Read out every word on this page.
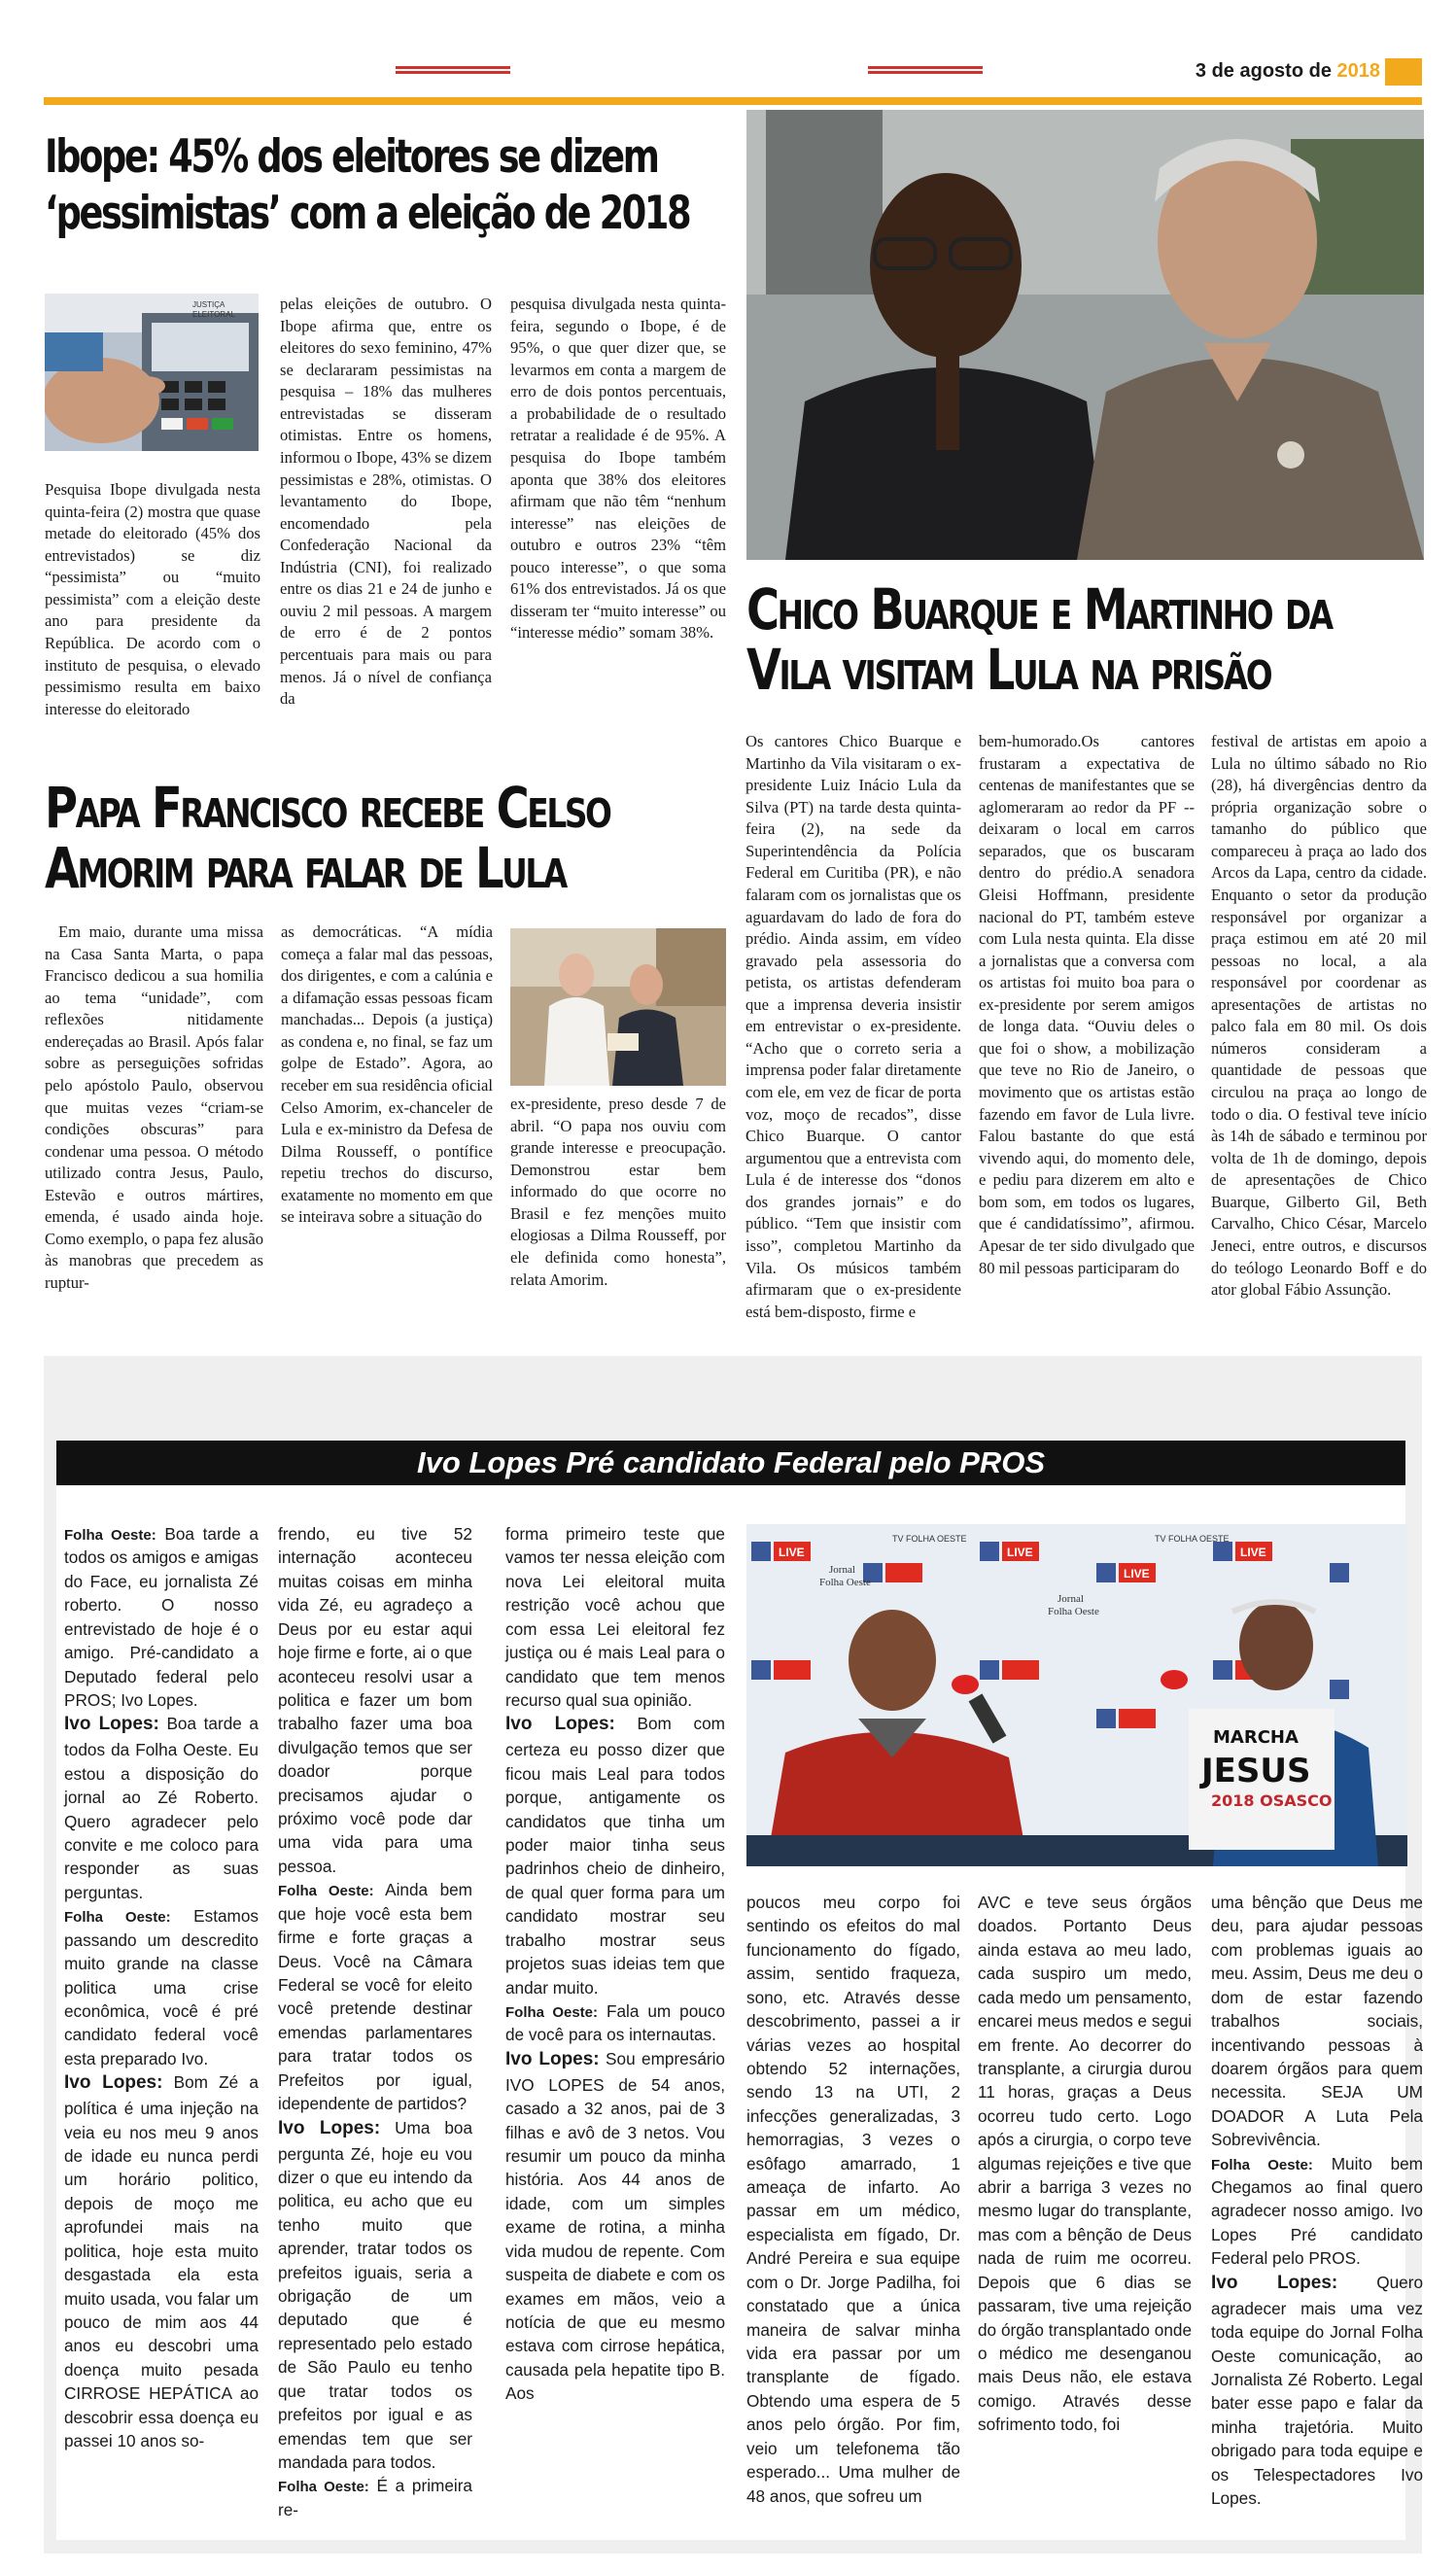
3 de agosto de 2018
Ibope: 45% dos eleitores se dizem
‘pessimistas’ com a eleição de 2018
JUSTIÇA
ELEITORAL

Pesquisa Ibope divulgada nesta quinta-feira (2) mostra que quase metade do eleitorado (45% dos entrevistados) se diz “pessimista” ou “muito pessimista” com a eleição deste ano para presidente da República. De acordo com o instituto de pesquisa, o elevado pessimismo resulta em baixo interesse do eleitorado

pelas eleições de outubro. O Ibope afirma que, entre os eleitores do sexo feminino, 47% se declararam pessimistas na pesquisa – 18% das mulheres entrevistadas se disseram otimistas. Entre os homens, informou o Ibope, 43% se dizem pessimistas e 28%, otimistas. O levantamento do Ibope, encomendado pela Confederação Nacional da Indústria (CNI), foi realizado entre os dias 21 e 24 de junho e ouviu 2 mil pessoas. A margem de erro é de 2 pontos percentuais para mais ou para menos. Já o nível de confiança da

pesquisa divulgada nesta quinta-feira, segundo o Ibope, é de 95%, o que quer dizer que, se levarmos em conta a margem de erro de dois pontos percentuais, a probabilidade de o resultado retratar a realidade é de 95%. A pesquisa do Ibope também aponta que 38% dos eleitores afirmam que não têm “nenhum interesse” nas eleições de outubro e outros 23% “têm pouco interesse”, o que soma 61% dos entrevistados. Já os que disseram ter “muito interesse” ou “interesse médio” somam 38%. Chico Buarque e Martinho da
Vila visitam Lula na prisão

Os cantores Chico Buarque e Martinho da Vila visitaram o ex-presidente Luiz Inácio Lula da Silva (PT) na tarde desta quinta-feira (2), na sede da Superintendência da Polícia Federal em Curitiba (PR), e não falaram com os jornalistas que os aguardavam do lado de fora do prédio. Ainda assim, em vídeo gravado pela assessoria do petista, os artistas defenderam que a imprensa deveria insistir em entrevistar o ex-presidente. “Acho que o correto seria a imprensa poder falar diretamente com ele, em vez de ficar de porta voz, moço de recados”, disse Chico Buarque. O cantor argumentou que a entrevista com Lula é de interesse dos “donos dos grandes jornais” e do público. “Tem que insistir com isso”, completou Martinho da Vila. Os músicos também afirmaram que o ex-presidente está bem-disposto, firme e

bem-humorado.Os cantores frustaram a expectativa de centenas de manifestantes que se aglomeraram ao redor da PF -- deixaram o local em carros separados, que os buscaram dentro do prédio.A senadora Gleisi Hoffmann, presidente nacional do PT, também esteve com Lula nesta quinta. Ela disse a jornalistas que a conversa com os artistas foi muito boa para o ex-presidente por serem amigos de longa data. “Ouviu deles o que foi o show, a mobilização que teve no Rio de Janeiro, o movimento que os artistas estão fazendo em favor de Lula livre. Falou bastante do que está vivendo aqui, do momento dele, e pediu para dizerem em alto e bom som, em todos os lugares, que é candidatíssimo”, afirmou. Apesar de ter sido divulgado que 80 mil pessoas participaram do

festival de artistas em apoio a Lula no último sábado no Rio (28), há divergências dentro da própria organização sobre o tamanho do público que compareceu à praça ao lado dos Arcos da Lapa, centro da cidade. Enquanto o setor da produção responsável por organizar a praça estimou em até 20 mil pessoas no local, a ala responsável por coordenar as apresentações de artistas no palco fala em 80 mil. Os dois números consideram a quantidade de pessoas que circulou na praça ao longo de todo o dia. O festival teve início às 14h de sábado e terminou por volta de 1h de domingo, depois de apresentações de Chico Buarque, Gilberto Gil, Beth Carvalho, Chico César, Marcelo Jeneci, entre outros, e discursos do teólogo Leonardo Boff e do ator global Fábio Assunção.

Papa Francisco recebe Celso
Amorim para falar de Lula

Em maio, durante uma missa na Casa Santa Marta, o papa Francisco dedicou a sua homilia ao tema “unidade”, com reflexões nitidamente endereçadas ao Brasil. Após falar sobre as perseguições sofridas pelo apóstolo Paulo, observou que muitas vezes “criam-se condições obscuras” para condenar uma pessoa. O método utilizado contra Jesus, Paulo, Estevão e outros mártires, emenda, é usado ainda hoje. Como exemplo, o papa fez alusão às manobras que precedem as ruptur-

as democráticas. “A mídia começa a falar mal das pessoas, dos dirigentes, e com a calúnia e a difamação essas pessoas ficam manchadas... Depois (a justiça) as condena e, no final, se faz um golpe de Estado”. Agora, ao receber em sua residência oficial Celso Amorim, ex-chanceler de Lula e ex-ministro da Defesa de Dilma Rousseff, o pontífice repetiu trechos do discurso, exatamente no momento em que se inteirava sobre a situação do

ex-presidente, preso desde 7 de abril. “O papa nos ouviu com grande interesse e preocupação. Demonstrou estar bem informado do que ocorre no Brasil e fez menções muito elogiosas a Dilma Rousseff, por ele definida como honesta”, relata Amorim.

Ivo Lopes Pré candidato Federal pelo PROS
LIVE	LIVE	LIVE
LIVE
Jornal
Folha Oeste
Jornal
Folha Oeste
TV FOLHA OESTE	TV FOLHA OESTE
MARCHA
JESUS
2018 OSASCO

Folha Oeste: Boa tarde a todos os amigos e amigas do Face, eu jornalista Zé roberto. O nosso entrevistado de hoje é o amigo. Pré-candidato a Deputado federal pelo PROS; Ivo Lopes.

Ivo Lopes: Boa tarde a todos da Folha Oeste. Eu estou a disposição do jornal ao Zé Roberto. Quero agradecer pelo convite e me coloco para responder as suas perguntas.

Folha Oeste: Estamos passando um descredito muito grande na classe politica uma crise econômica, você é pré candidato federal você esta preparado Ivo.

Ivo Lopes: Bom Zé a política é uma injeção na veia eu nos meu 9 anos de idade eu nunca perdi um horário politico, depois de moço me aprofundei mais na politica, hoje esta muito desgastada ela esta muito usada, vou falar um pouco de mim aos 44 anos eu descobri uma doença muito pesada CIRROSE HEPÁTICA ao descobrir essa doença eu passei 10 anos so-

frendo, eu tive 52 internação aconteceu muitas coisas em minha vida Zé, eu agradeço a Deus por eu estar aqui hoje firme e forte, ai o que aconteceu resolvi usar a politica e fazer um bom trabalho fazer uma boa divulgação temos que ser doador porque precisamos ajudar o próximo você pode dar uma vida para uma pessoa.

Folha Oeste: Ainda bem que hoje você esta bem firme e forte graças a Deus. Você na Câmara Federal se você for eleito você pretende destinar emendas parlamentares para tratar todos os Prefeitos por igual, idependente de partidos?

Ivo Lopes: Uma boa pergunta Zé, hoje eu vou dizer o que eu intendo da politica, eu acho que eu tenho muito que aprender, tratar todos os prefeitos iguais, seria a obrigação de um deputado que é representado pelo estado de São Paulo eu tenho que tratar todos os prefeitos por igual e as emendas tem que ser mandada para todos.

Folha Oeste: É a primeira re-

forma primeiro teste que vamos ter nessa eleição com nova Lei eleitoral muita restrição você achou que com essa Lei eleitoral fez justiça ou é mais Leal para o candidato que tem menos recurso qual sua opinião.

Ivo Lopes: Bom com certeza eu posso dizer que ficou mais Leal para todos porque, antigamente os candidatos que tinha um poder maior tinha seus padrinhos cheio de dinheiro, de qual quer forma para um candidato mostrar seu trabalho mostrar seus projetos suas ideias tem que andar muito.

Folha Oeste: Fala um pouco de você para os internautas.

Ivo Lopes: Sou empresário IVO LOPES de 54 anos, casado a 32 anos, pai de 3 filhas e avô de 3 netos. Vou resumir um pouco da minha história. Aos 44 anos de idade, com um simples exame de rotina, a minha vida mudou de repente. Com suspeita de diabete e com os exames em mãos, veio a notícia de que eu mesmo estava com cirrose hepática, causada pela hepatite tipo B. Aos

poucos meu corpo foi sentindo os efeitos do mal funcionamento do fígado, assim, sentido fraqueza, sono, etc. Através desse descobrimento, passei a ir várias vezes ao hospital obtendo 52 internações, sendo 13 na UTI, 2 infecções generalizadas, 3 hemorragias, 3 vezes o esôfago amarrado, 1 ameaça de infarto. Ao passar em um médico, especialista em fígado, Dr. André Pereira e sua equipe com o Dr. Jorge Padilha, foi constatado que a única maneira de salvar minha vida era passar por um transplante de fígado. Obtendo uma espera de 5 anos pelo órgão. Por fim, veio um telefonema tão esperado... Uma mulher de 48 anos, que sofreu um

AVC e teve seus órgãos doados. Portanto Deus ainda estava ao meu lado, cada suspiro um medo, cada medo um pensamento, encarei meus medos e segui em frente. Ao decorrer do transplante, a cirurgia durou 11 horas, graças a Deus ocorreu tudo certo. Logo após a cirurgia, o corpo teve algumas rejeições e tive que abrir a barriga 3 vezes no mesmo lugar do transplante, mas com a bênção de Deus nada de ruim me ocorreu. Depois que 6 dias se passaram, tive uma rejeição do órgão transplantado onde o médico me desenganou mais Deus não, ele estava comigo. Através desse sofrimento todo, foi

uma bênção que Deus me deu, para ajudar pessoas com problemas iguais ao meu. Assim, Deus me deu o dom de estar fazendo trabalhos sociais, incentivando pessoas à doarem órgãos para quem necessita. SEJA UM DOADOR A Luta Pela Sobrevivência.

Folha Oeste: Muito bem Chegamos ao final quero agradecer nosso amigo. Ivo Lopes Pré candidato Federal pelo PROS.

Ivo Lopes: Quero agradecer mais uma vez toda equipe do Jornal Folha Oeste comunicação, ao Jornalista Zé Roberto. Legal bater esse papo e falar da minha trajetória. Muito obrigado para toda equipe e os Telespectadores Ivo Lopes.
